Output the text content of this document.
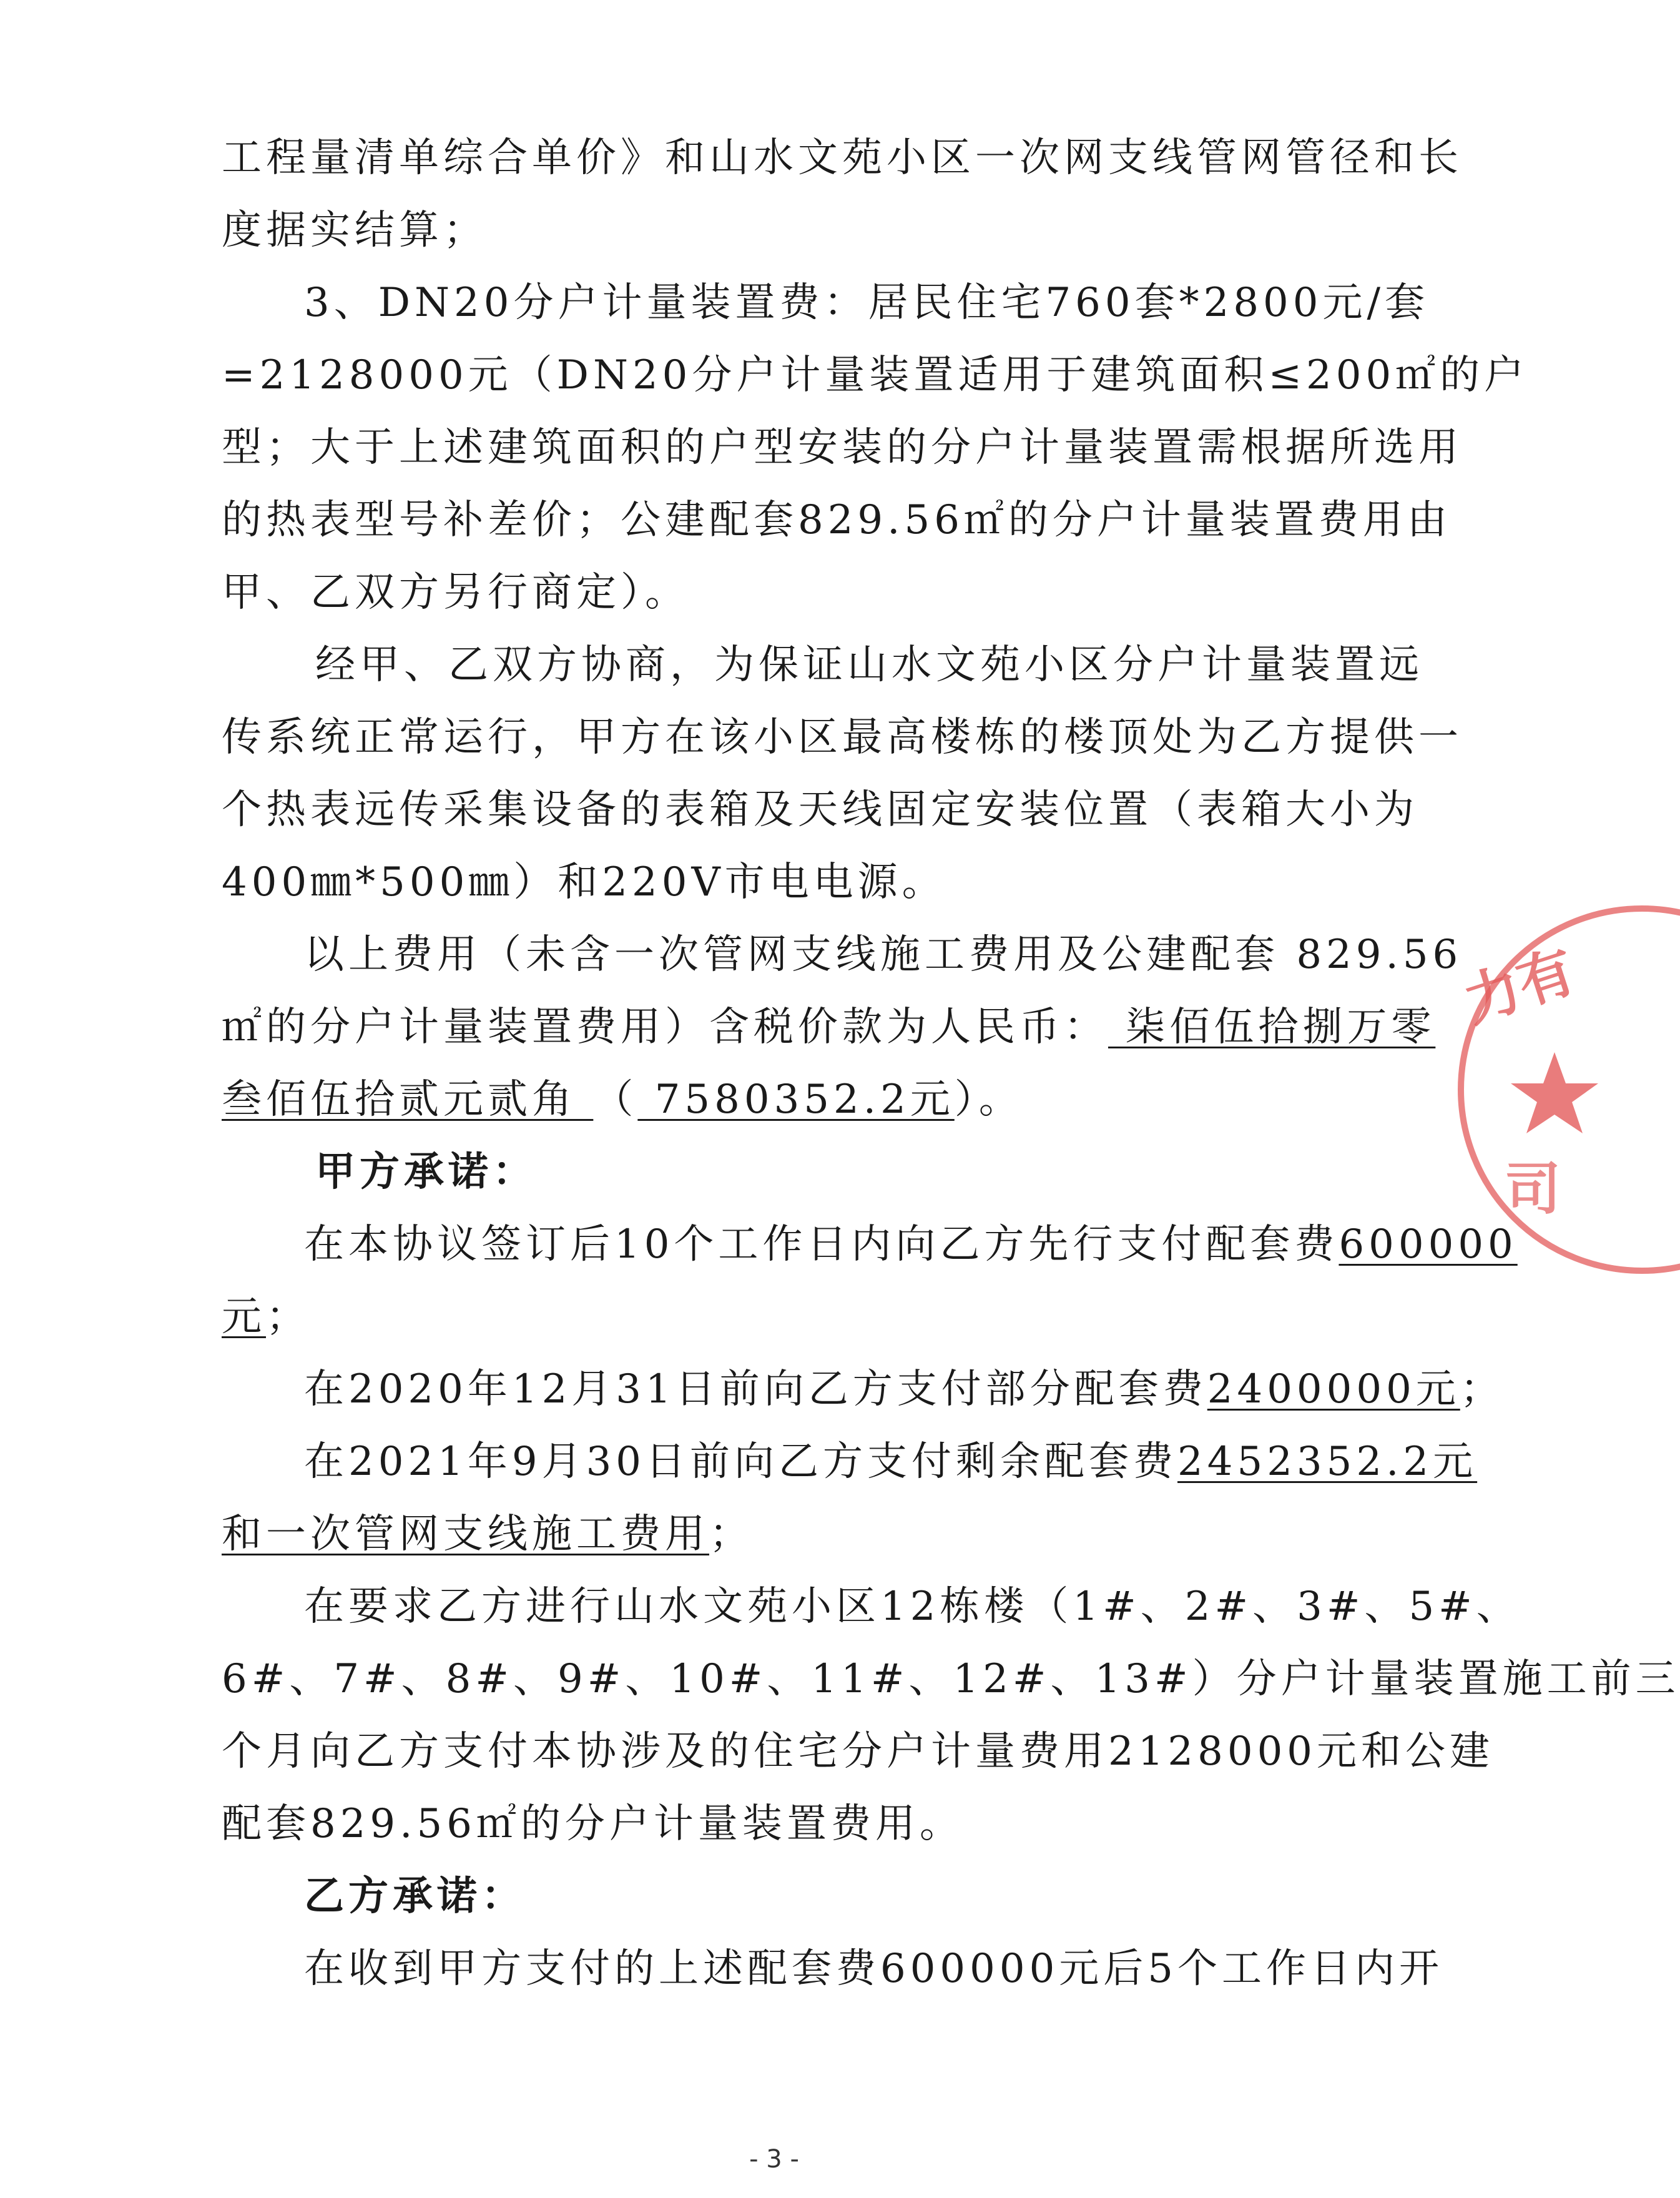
工程量清单综合单价》和山水文苑小区一次网支线管网管径和长
度据实结算；
3、DN20分户计量装置费：居民住宅760套*2800元/套
=2128000元（DN20分户计量装置适用于建筑面积≤200㎡的户
型；大于上述建筑面积的户型安装的分户计量装置需根据所选用
的热表型号补差价；公建配套829.56㎡的分户计量装置费用由
甲、乙双方另行商定）。
经甲、乙双方协商，为保证山水文苑小区分户计量装置远
传系统正常运行，甲方在该小区最高楼栋的楼顶处为乙方提供一
个热表远传采集设备的表箱及天线固定安装位置（表箱大小为
400㎜*500㎜）和220V市电电源。
以上费用（未含一次管网支线施工费用及公建配套 829.56
㎡的分户计量装置费用）含税价款为人民币： 柒佰伍拾捌万零
叁佰伍拾贰元贰角 （ 7580352.2元）。
甲方承诺：
在本协议签订后10个工作日内向乙方先行支付配套费600000
元；
在2020年12月31日前向乙方支付部分配套费2400000元；
在2021年9月30日前向乙方支付剩余配套费2452352.2元
和一次管网支线施工费用；
在要求乙方进行山水文苑小区12栋楼（1#、2#、3#、5#、
6#、7#、8#、9#、10#、11#、12#、13#）分户计量装置施工前三
个月向乙方支付本协涉及的住宅分户计量费用2128000元和公建
配套829.56㎡的分户计量装置费用。
乙方承诺：
在收到甲方支付的上述配套费600000元后5个工作日内开
- 3 -
力有
司
